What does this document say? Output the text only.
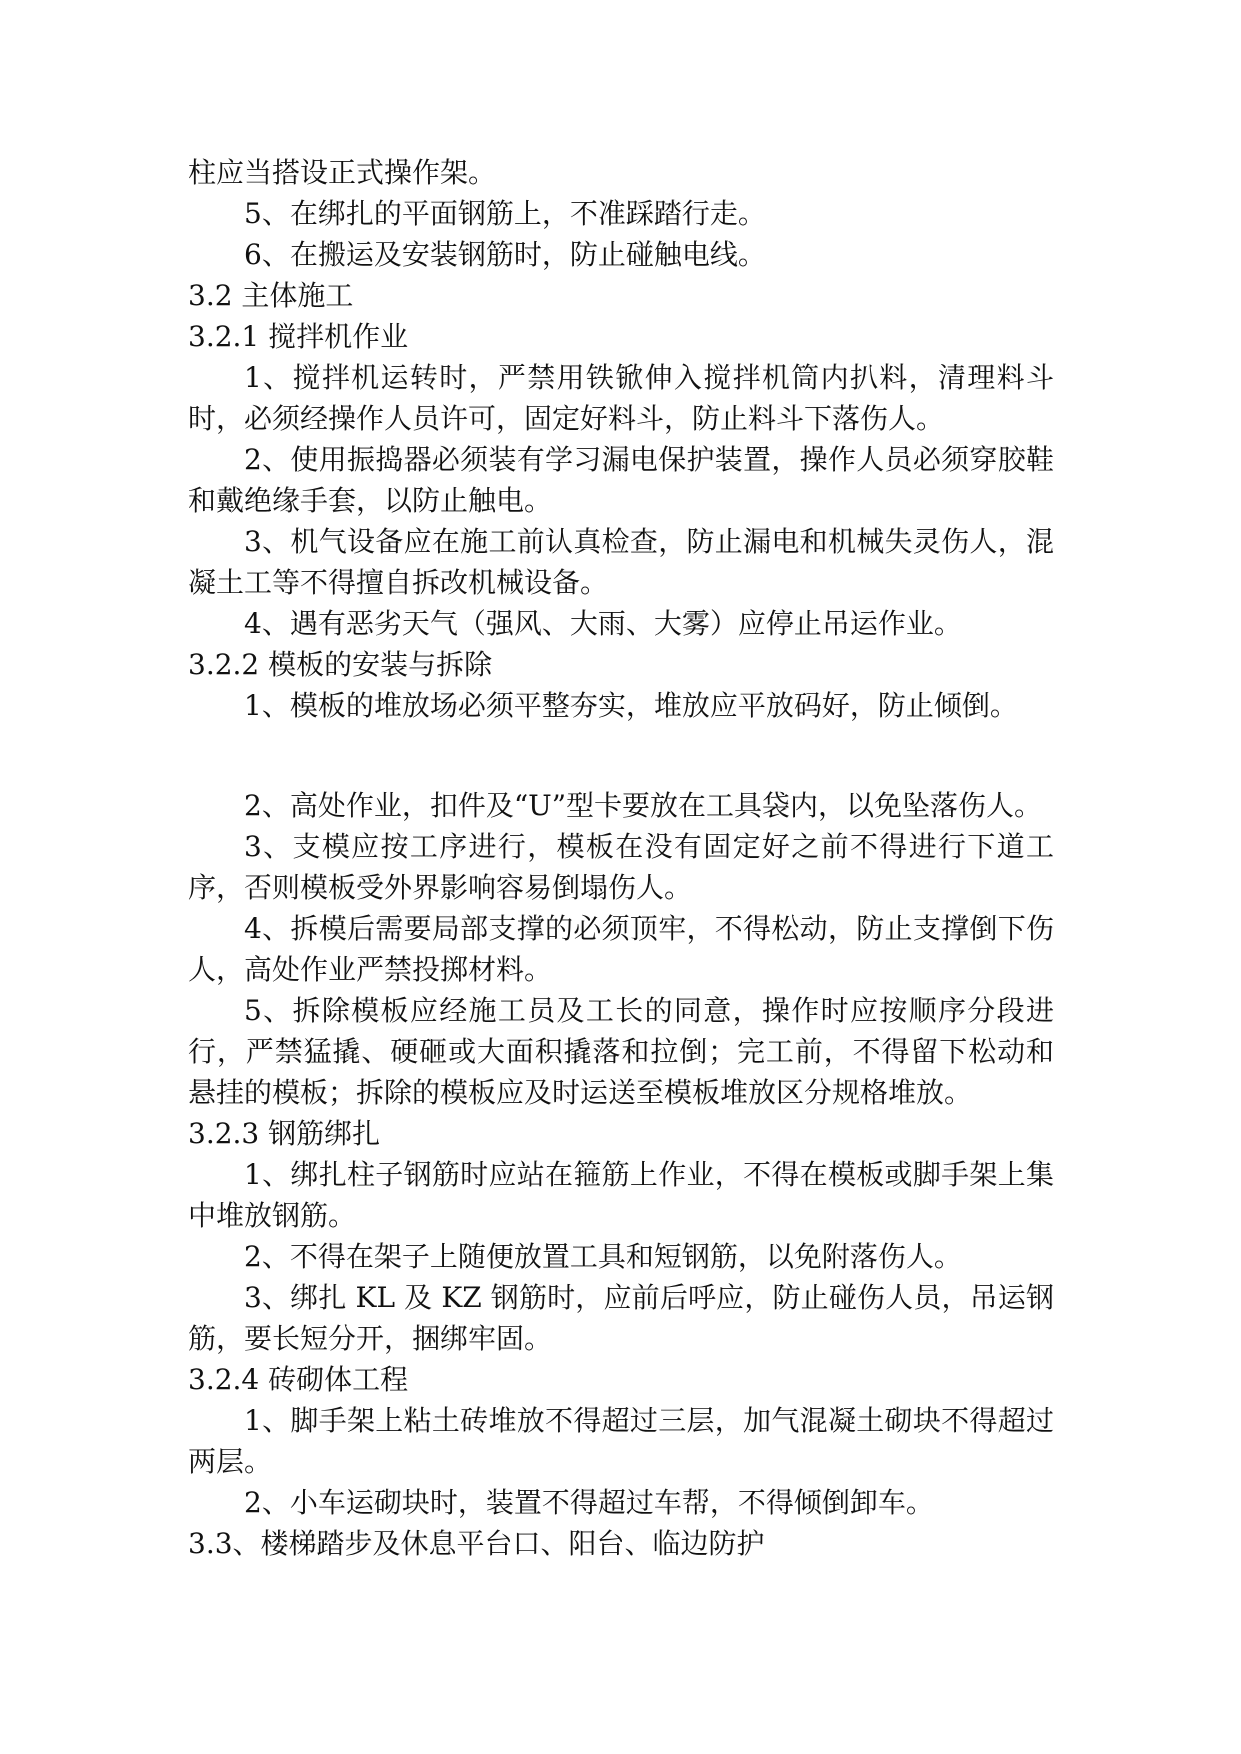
柱应当搭设正式操作架。

5、在绑扎的平面钢筋上，不准踩踏行走。

6、在搬运及安装钢筋时，防止碰触电线。

3.2 主体施工

3.2.1 搅拌机作业

1、搅拌机运转时，严禁用铁锨伸入搅拌机筒内扒料，清理料斗时，必须经操作人员许可，固定好料斗，防止料斗下落伤人。

2、使用振捣器必须装有学习漏电保护装置，操作人员必须穿胶鞋和戴绝缘手套，以防止触电。

3、机气设备应在施工前认真检查，防止漏电和机械失灵伤人，混凝土工等不得擅自拆改机械设备。

4、遇有恶劣天气（强风、大雨、大雾）应停止吊运作业。

3.2.2 模板的安装与拆除

1、模板的堆放场必须平整夯实，堆放应平放码好，防止倾倒。

2、高处作业，扣件及“U”型卡要放在工具袋内，以免坠落伤人。

3、支模应按工序进行，模板在没有固定好之前不得进行下道工序，否则模板受外界影响容易倒塌伤人。

4、拆模后需要局部支撑的必须顶牢，不得松动，防止支撑倒下伤人，高处作业严禁投掷材料。

5、拆除模板应经施工员及工长的同意，操作时应按顺序分段进行，严禁猛撬、硬砸或大面积撬落和拉倒；完工前，不得留下松动和悬挂的模板；拆除的模板应及时运送至模板堆放区分规格堆放。

3.2.3 钢筋绑扎

1、绑扎柱子钢筋时应站在箍筋上作业，不得在模板或脚手架上集中堆放钢筋。

2、不得在架子上随便放置工具和短钢筋，以免附落伤人。

3、绑扎 KL 及 KZ 钢筋时，应前后呼应，防止碰伤人员，吊运钢筋，要长短分开，捆绑牢固。

3.2.4 砖砌体工程

1、脚手架上粘土砖堆放不得超过三层，加气混凝土砌块不得超过两层。

2、小车运砌块时，装置不得超过车帮，不得倾倒卸车。

3.3、楼梯踏步及休息平台口、阳台、临边防护
